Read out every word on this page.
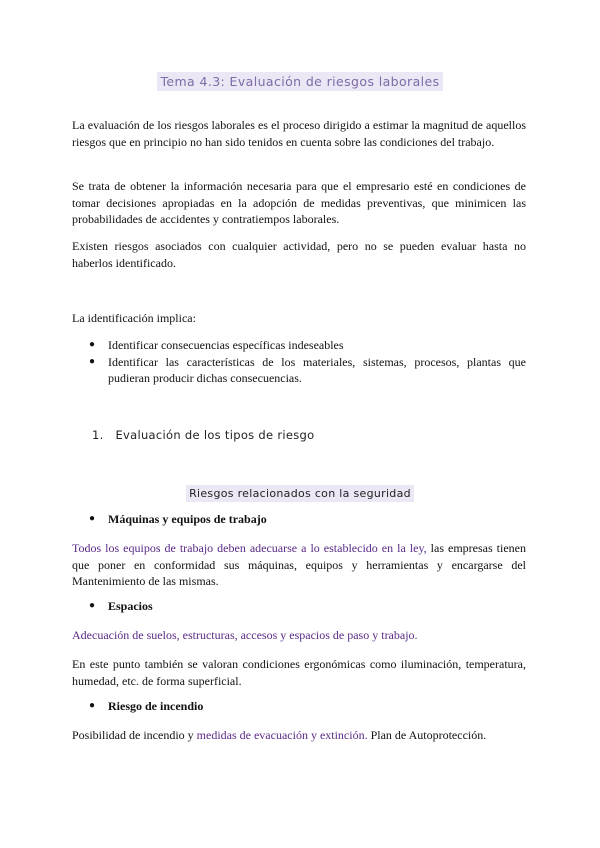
Tema 4.3: Evaluación de riesgos laborales

La evaluación de los riesgos laborales es el proceso dirigido a estimar la magnitud de aquellos riesgos que en principio no han sido tenidos en cuenta sobre las condiciones del trabajo.

Se trata de obtener la información necesaria para que el empresario esté en condiciones de tomar decisiones apropiadas en la adopción de medidas preventivas, que minimicen las probabilidades de accidentes y contratiempos laborales.

Existen riesgos asociados con cualquier actividad, pero no se pueden evaluar hasta no haberlos identificado.

La identificación implica:

● Identificar consecuencias específicas indeseables
● Identificar las características de los materiales, sistemas, procesos, plantas que pudieran producir dichas consecuencias.
1. Evaluación de los tipos de riesgo
Riesgos relacionados con la seguridad
● Máquinas y equipos de trabajo

Todos los equipos de trabajo deben adecuarse a lo establecido en la ley, las empresas tienen que poner en conformidad sus máquinas, equipos y herramientas y encargarse del Mantenimiento de las mismas.

● Espacios

Adecuación de suelos, estructuras, accesos y espacios de paso y trabajo.

En este punto también se valoran condiciones ergonómicas como iluminación, temperatura, humedad, etc. de forma superficial.

● Riesgo de incendio

Posibilidad de incendio y medidas de evacuación y extinción. Plan de Autoprotección.
